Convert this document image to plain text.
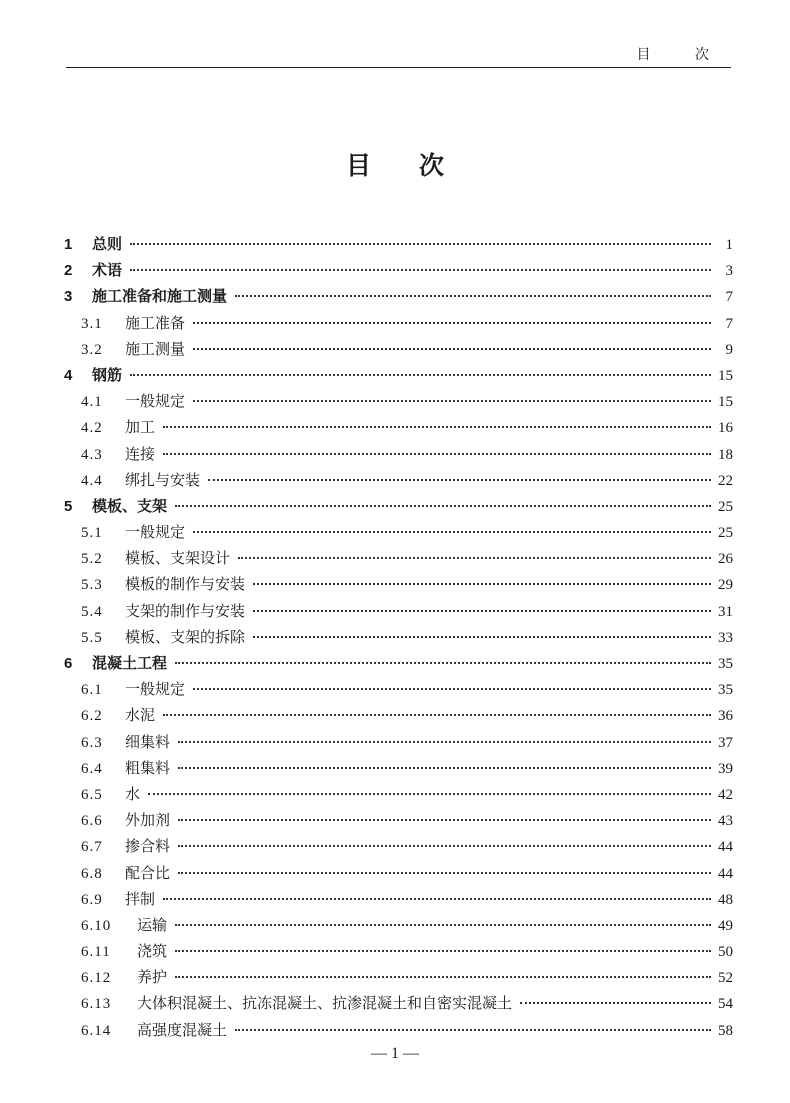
目 次
目次
1	总则	1
2	术语	3
3	施工准备和施工测量	7
3.1	施工准备	7
3.2	施工测量	9
4	钢筋	15
4.1	一般规定	15
4.2	加工	16
4.3	连接	18
4.4	绑扎与安装	22
5	模板、支架	25
5.1	一般规定	25
5.2	模板、支架设计	26
5.3	模板的制作与安装	29
5.4	支架的制作与安装	31
5.5	模板、支架的拆除	33
6	混凝土工程	35
6.1	一般规定	35
6.2	水泥	36
6.3	细集料	37
6.4	粗集料	39
6.5	水	42
6.6	外加剂	43
6.7	掺合料	44
6.8	配合比	44
6.9	拌制	48
6.10	运输	49
6.11	浇筑	50
6.12	养护	52
6.13	大体积混凝土、抗冻混凝土、抗渗混凝土和自密实混凝土	54
6.14	高强度混凝土	58
— 1 —
